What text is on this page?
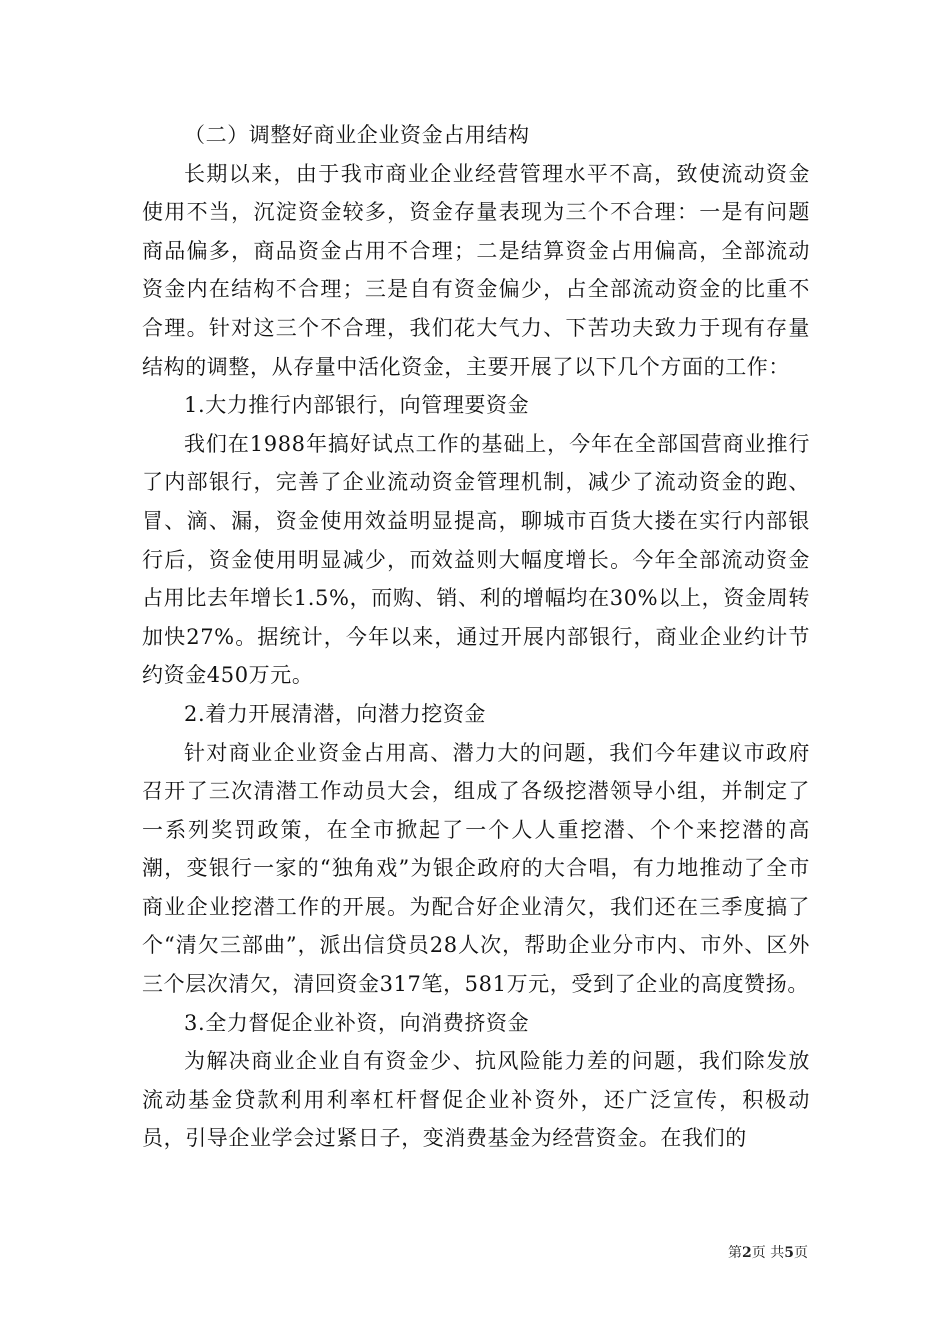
（二）调整好商业企业资金占用结构

长期以来，由于我市商业企业经营管理水平不高，致使流动资金使用不当，沉淀资金较多，资金存量表现为三个不合理：一是有问题商品偏多，商品资金占用不合理；二是结算资金占用偏高，全部流动资金内在结构不合理；三是自有资金偏少，占全部流动资金的比重不合理。针对这三个不合理，我们花大气力、下苦功夫致力于现有存量结构的调整，从存量中活化资金，主要开展了以下几个方面的工作：

1.大力推行内部银行，向管理要资金

我们在1988年搞好试点工作的基础上，今年在全部国营商业推行了内部银行，完善了企业流动资金管理机制，减少了流动资金的跑、冒、滴、漏，资金使用效益明显提高，聊城市百货大搂在实行内部银行后，资金使用明显减少，而效益则大幅度增长。今年全部流动资金占用比去年增长1.5%，而购、销、利的增幅均在30%以上，资金周转加快27%。据统计，今年以来，通过开展内部银行，商业企业约计节约资金450万元。

2.着力开展清潜，向潜力挖资金

针对商业企业资金占用高、潜力大的问题，我们今年建议市政府召开了三次清潜工作动员大会，组成了各级挖潜领导小组，并制定了一系列奖罚政策，在全市掀起了一个人人重挖潜、个个来挖潜的高潮，变银行一家的“独角戏”为银企政府的大合唱，有力地推动了全市商业企业挖潜工作的开展。为配合好企业清欠，我们还在三季度搞了个“清欠三部曲”，派出信贷员28人次，帮助企业分市内、市外、区外三个层次清欠，清回资金317笔，581万元，受到了企业的高度赞扬。

3.全力督促企业补资，向消费挤资金

为解决商业企业自有资金少、抗风险能力差的问题，我们除发放流动基金贷款利用利率杠杆督促企业补资外，还广泛宣传，积极动员，引导企业学会过紧日子，变消费基金为经营资金。在我们的

第2页 共5页
